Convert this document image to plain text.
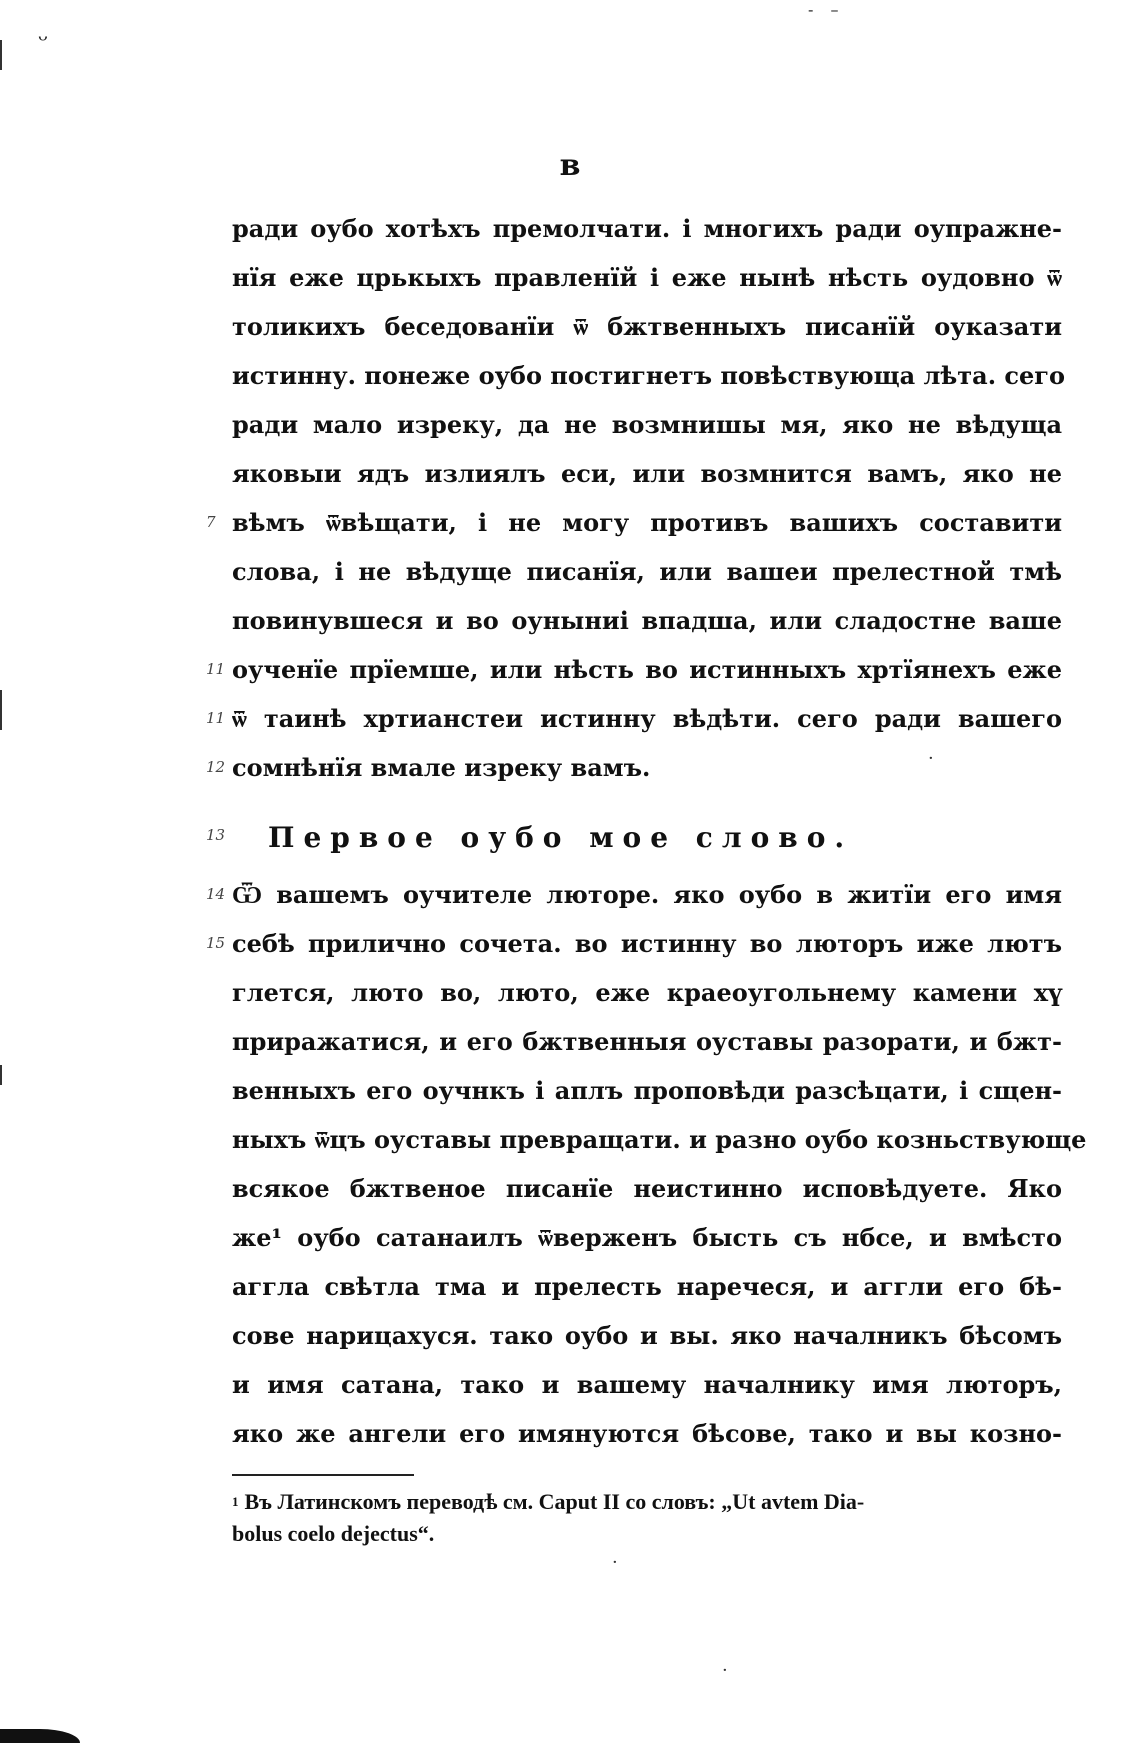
ᵕ
- –
в
ради оубо хотѣхъ премолчати. і многихъ ради оупражне-
нїя еже црькыхъ правленїй і еже нынѣ нѣсть оудовно ѿ
толикихъ беседованїи ѿ бжтвенныхъ писанїй оуказати
истинну. понеже оубо постигнетъ повѣствующа лѣта. сего
ради мало изреку, да не возмнишы мя, яко не вѣдуща
яковыи ядъ излиялъ еси, или возмнится вамъ, яко не
7 вѣмъ ѿвѣщати, і не могу противъ вашихъ составити
слова, і не вѣдуще писанїя, или вашеи прелестной тмѣ
повинувшеся и во оуныниі впадша, или сладостне ваше
11 оученїе прїемше, или нѣсть во истинныхъ хртїянехъ еже
11 ѿ таинѣ хртианстеи истинну вѣдѣти. сего ради вашего
12 сомнѣнїя вмале изреку вамъ.
13 Первое оубо мое слово.
14 Ѿ вашемъ оучителе люторе. яко оубо в житїи его имя
15 себѣ прилично сочета. во истинну во люторъ иже лютъ
глется, люто во, люто, еже краеоугольнему камени хү
приражатися, и его бжтвенныя оуставы разорати, и бжт-
венныхъ его оучнкъ і аплъ проповѣди разсѣцати, і сщен-
ныхъ ѿцъ оуставы превращати. и разно оубо козньствующе
всякое бжтвеное писанїе неистинно исповѣдуете. Яко
же¹ оубо сатанаилъ ѿверженъ бысть съ нбсе, и вмѣсто
аггла свѣтла тма и прелесть наречеся, и аггли его бѣ-
сове нарицахуся. тако оубо и вы. яко началникъ бѣсомъ
и имя сатана, тако и вашему началнику имя люторъ,
яко же ангели его имянуются бѣсове, тако и вы козно-
$^1$ Въ Латинскомъ переводѣ см. Caput II со словъ: „Ut avtem Dia-
bolus coelo dejectus“.
·
·
·
